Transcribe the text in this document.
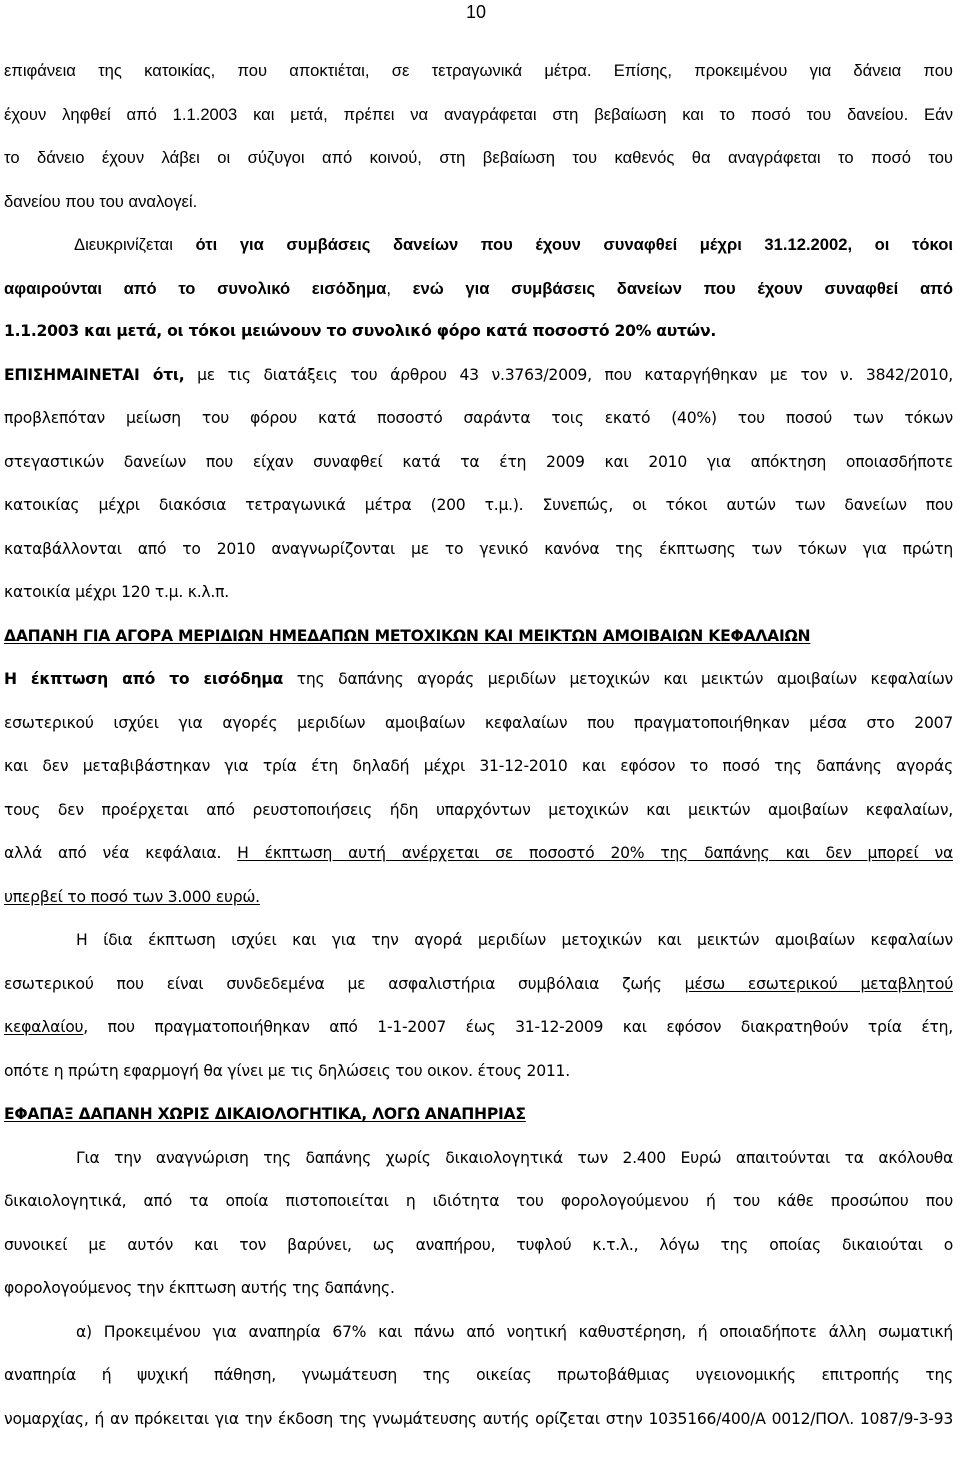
10
επιφάνεια της κατοικίας, που αποκτιέται, σε τετραγωνικά μέτρα. Επίσης, προκειμένου για δάνεια που
έχουν ληφθεί από 1.1.2003 και μετά, πρέπει να αναγράφεται στη βεβαίωση και το ποσό του δανείου. Εάν
το δάνειο έχουν λάβει οι σύζυγοι από κοινού, στη βεβαίωση του καθενός θα αναγράφεται το ποσό του
δανείου που του αναλογεί.
Διευκρινίζεται ότι για συμβάσεις δανείων που έχουν συναφθεί μέχρι 31.12.2002, οι τόκοι
αφαιρούνται από το συνολικό εισόδημα, ενώ για συμβάσεις δανείων που έχουν συναφθεί από
1.1.2003 και μετά, οι τόκοι μειώνουν το συνολικό φόρο κατά ποσοστό 20% αυτών.
ΕΠΙΣΗΜΑΙΝΕΤΑΙ ότι, με τις διατάξεις του άρθρου 43 ν.3763/2009, που καταργήθηκαν με τον ν. 3842/2010,
προβλεπόταν μείωση του φόρου κατά ποσοστό σαράντα τοις εκατό (40%) του ποσού των τόκων
στεγαστικών δανείων που είχαν συναφθεί κατά τα έτη 2009 και 2010 για απόκτηση οποιασδήποτε
κατοικίας μέχρι διακόσια τετραγωνικά μέτρα (200 τ.μ.). Συνεπώς, οι τόκοι αυτών των δανείων που
καταβάλλονται από το 2010 αναγνωρίζονται με το γενικό κανόνα της έκπτωσης των τόκων για πρώτη
κατοικία μέχρι 120 τ.μ. κ.λ.π.
ΔΑΠΑΝΗ ΓΙΑ ΑΓΟΡΑ ΜΕΡΙΔΙΩΝ ΗΜΕΔΑΠΩΝ ΜΕΤΟΧΙΚΩΝ ΚΑΙ ΜΕΙΚΤΩΝ ΑΜΟΙΒΑΙΩΝ ΚΕΦΑΛΑΙΩΝ
Η έκπτωση από το εισόδημα της δαπάνης αγοράς μεριδίων μετοχικών και μεικτών αμοιβαίων κεφαλαίων
εσωτερικού ισχύει για αγορές μεριδίων αμοιβαίων κεφαλαίων που πραγματοποιήθηκαν μέσα στο 2007
και δεν μεταβιβάστηκαν για τρία έτη δηλαδή μέχρι 31-12-2010 και εφόσον το ποσό της δαπάνης αγοράς
τους δεν προέρχεται από ρευστοποιήσεις ήδη υπαρχόντων μετοχικών και μεικτών αμοιβαίων κεφαλαίων,
αλλά από νέα κεφάλαια. Η έκπτωση αυτή ανέρχεται σε ποσοστό 20% της δαπάνης και δεν μπορεί να
υπερβεί το ποσό των 3.000 ευρώ.
Η ίδια έκπτωση ισχύει και για την αγορά μεριδίων μετοχικών και μεικτών αμοιβαίων κεφαλαίων
εσωτερικού που είναι συνδεδεμένα με ασφαλιστήρια συμβόλαια ζωής μέσω εσωτερικού μεταβλητού
κεφαλαίου, που πραγματοποιήθηκαν από 1-1-2007 έως 31-12-2009 και εφόσον διακρατηθούν τρία έτη,
οπότε η πρώτη εφαρμογή θα γίνει με τις δηλώσεις του οικον. έτους 2011.
ΕΦΑΠΑΞ ΔΑΠΑΝΗ ΧΩΡΙΣ ΔΙΚΑΙΟΛΟΓΗΤΙΚΑ, ΛΟΓΩ ΑΝΑΠΗΡΙΑΣ
Για την αναγνώριση της δαπάνης χωρίς δικαιολογητικά των 2.400 Ευρώ απαιτούνται τα ακόλουθα
δικαιολογητικά, από τα οποία πιστοποιείται η ιδιότητα του φορολογούμενου ή του κάθε προσώπου που
συνοικεί με αυτόν και τον βαρύνει, ως αναπήρου, τυφλού κ.τ.λ., λόγω της οποίας δικαιούται ο
φορολογούμενος την έκπτωση αυτής της δαπάνης.
α) Προκειμένου για αναπηρία 67% και πάνω από νοητική καθυστέρηση, ή οποιαδήποτε άλλη σωματική
αναπηρία ή ψυχική πάθηση, γνωμάτευση της οικείας πρωτοβάθμιας υγειονομικής επιτροπής της
νομαρχίας, ή αν πρόκειται για την έκδοση της γνωμάτευσης αυτής ορίζεται στην 1035166/400/Α 0012/ΠΟΛ. 1087/9-3-93
